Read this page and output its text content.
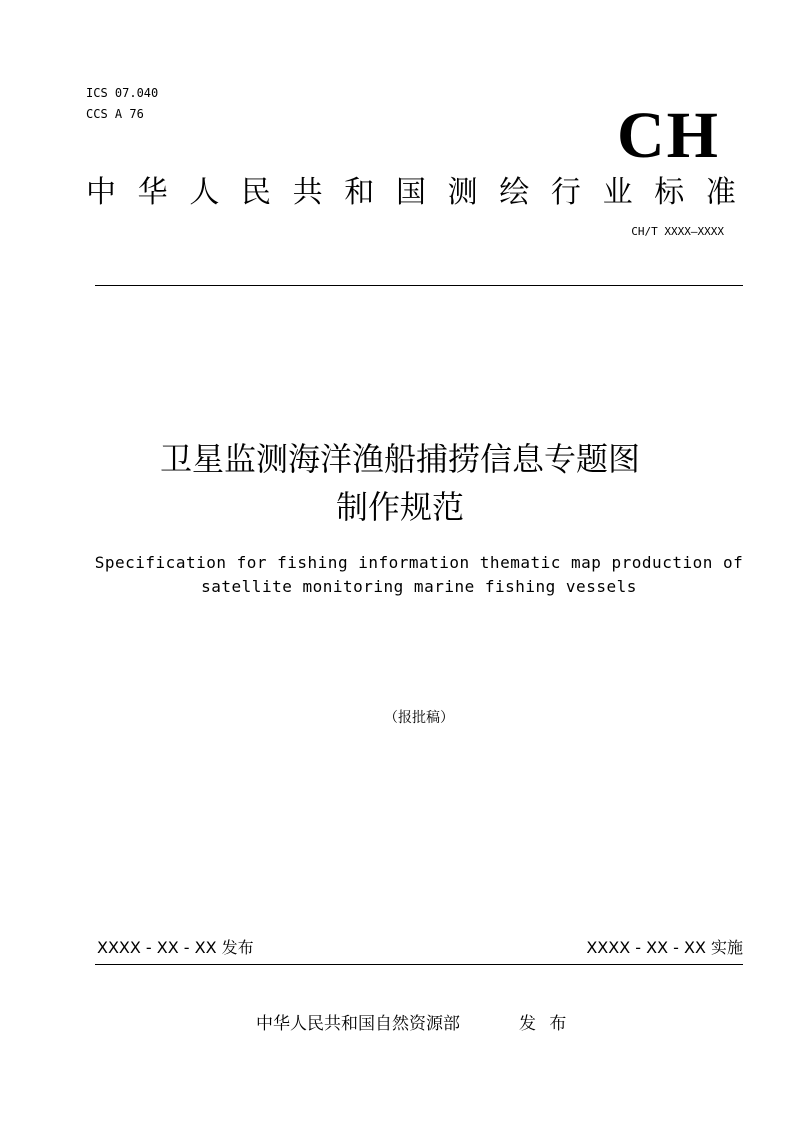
ICS 07.040
CCS A 76	CH
中 华 人 民 共 和 国 测 绘 行 业 标 准
CH/T XXXX—XXXX
卫星监测海洋渔船捕捞信息专题图
制作规范
Specification for fishing information thematic map production of
satellite monitoring marine fishing vessels
（报批稿）
XXXX - XX - XX 发布	XXXX - XX - XX 实施
中华人民共和国自然资源部	发 布
